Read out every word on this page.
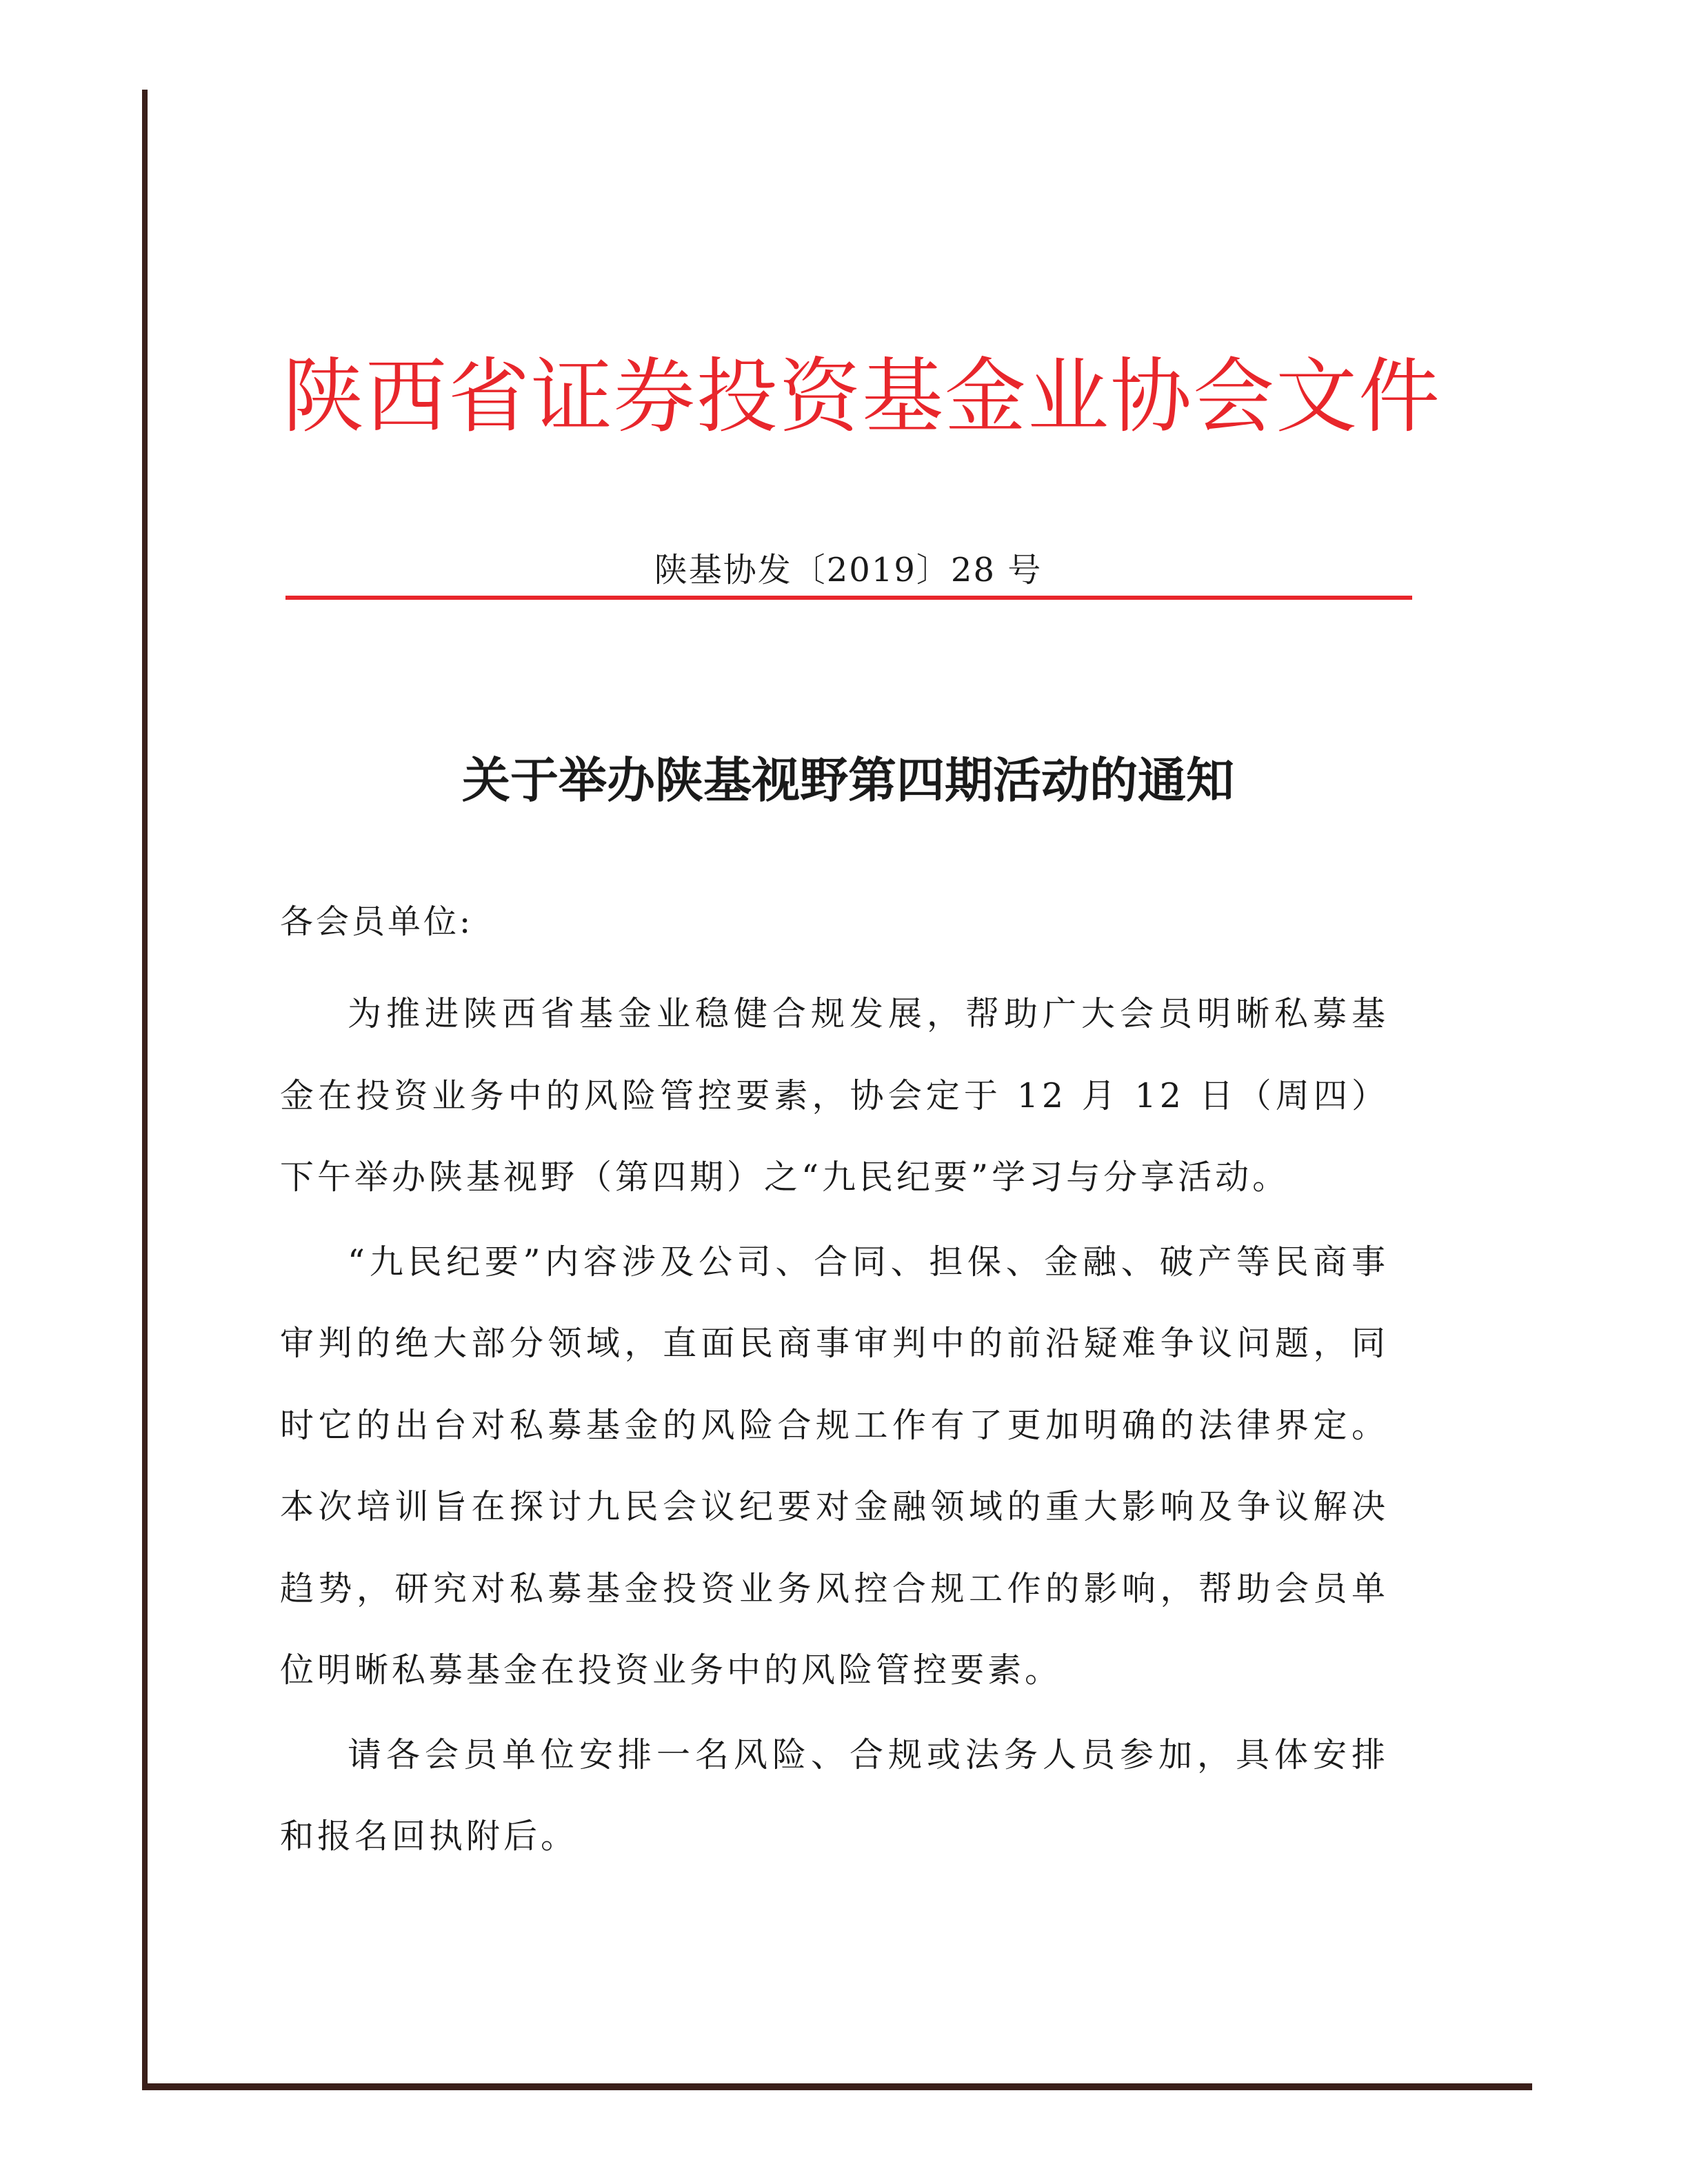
陕西省证券投资基金业协会文件
陕基协发〔2019〕28 号
关于举办陕基视野第四期活动的通知
各会员单位:

为推进陕西省基金业稳健合规发展，帮助广大会员明晰私募基金在投资业务中的风险管控要素，协会定于 12 月 12 日（周四）下午举办陕基视野（第四期）之“九民纪要”学习与分享活动。

“九民纪要”内容涉及公司、合同、担保、金融、破产等民商事审判的绝大部分领域，直面民商事审判中的前沿疑难争议问题，同时它的出台对私募基金的风险合规工作有了更加明确的法律界定。本次培训旨在探讨九民会议纪要对金融领域的重大影响及争议解决趋势，研究对私募基金投资业务风控合规工作的影响，帮助会员单位明晰私募基金在投资业务中的风险管控要素。

请各会员单位安排一名风险、合规或法务人员参加，具体安排和报名回执附后。
